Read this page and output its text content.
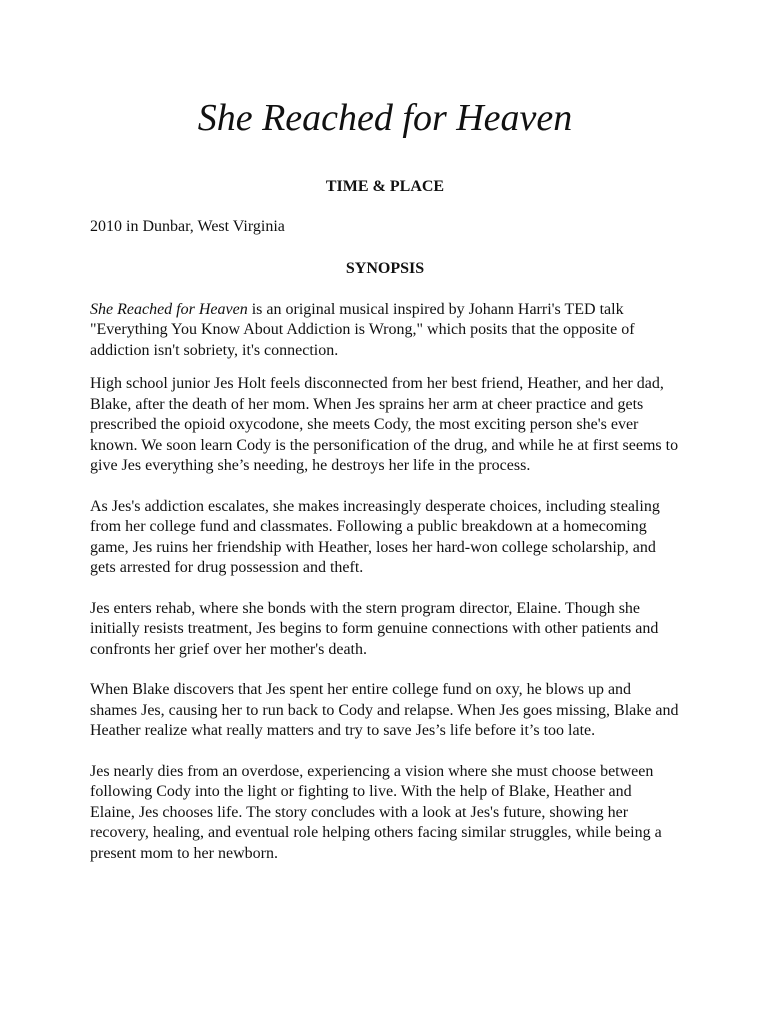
She Reached for Heaven
TIME & PLACE

2010 in Dunbar, West Virginia

SYNOPSIS

She Reached for Heaven is an original musical inspired by Johann Harri's TED talk "Everything You Know About Addiction is Wrong," which posits that the opposite of addiction isn't sobriety, it's connection.

High school junior Jes Holt feels disconnected from her best friend, Heather, and her dad, Blake, after the death of her mom. When Jes sprains her arm at cheer practice and gets prescribed the opioid oxycodone, she meets Cody, the most exciting person she's ever known. We soon learn Cody is the personification of the drug, and while he at first seems to give Jes everything she’s needing, he destroys her life in the process.

As Jes's addiction escalates, she makes increasingly desperate choices, including stealing from her college fund and classmates. Following a public breakdown at a homecoming game, Jes ruins her friendship with Heather, loses her hard-won college scholarship, and gets arrested for drug possession and theft.

Jes enters rehab, where she bonds with the stern program director, Elaine. Though she initially resists treatment, Jes begins to form genuine connections with other patients and confronts her grief over her mother's death.

When Blake discovers that Jes spent her entire college fund on oxy, he blows up and shames Jes, causing her to run back to Cody and relapse. When Jes goes missing, Blake and Heather realize what really matters and try to save Jes’s life before it’s too late.

Jes nearly dies from an overdose, experiencing a vision where she must choose between following Cody into the light or fighting to live. With the help of Blake, Heather and Elaine, Jes chooses life. The story concludes with a look at Jes's future, showing her recovery, healing, and eventual role helping others facing similar struggles, while being a present mom to her newborn.
